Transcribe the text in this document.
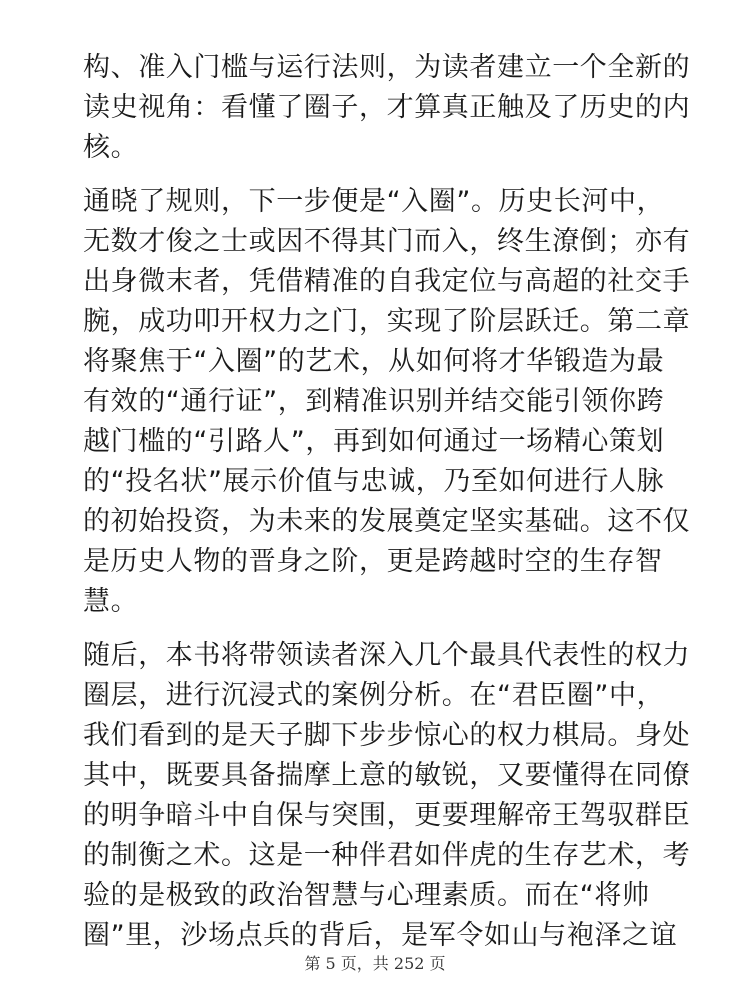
构、准入门槛与运行法则，为读者建立一个全新的
读史视角：看懂了圈子，才算真正触及了历史的内
核。
通晓了规则，下一步便是“入圈”。历史长河中，
无数才俊之士或因不得其门而入，终生潦倒；亦有
出身微末者，凭借精准的自我定位与高超的社交手
腕，成功叩开权力之门，实现了阶层跃迁。第二章
将聚焦于“入圈”的艺术，从如何将才华锻造为最
有效的“通行证”，到精准识别并结交能引领你跨
越门槛的“引路人”，再到如何通过一场精心策划
的“投名状”展示价值与忠诚，乃至如何进行人脉
的初始投资，为未来的发展奠定坚实基础。这不仅
是历史人物的晋身之阶，更是跨越时空的生存智
慧。
随后，本书将带领读者深入几个最具代表性的权力
圈层，进行沉浸式的案例分析。在“君臣圈”中，
我们看到的是天子脚下步步惊心的权力棋局。身处
其中，既要具备揣摩上意的敏锐，又要懂得在同僚
的明争暗斗中自保与突围，更要理解帝王驾驭群臣
的制衡之术。这是一种伴君如伴虎的生存艺术，考
验的是极致的政治智慧与心理素质。而在“将帅
圈”里，沙场点兵的背后，是军令如山与袍泽之谊
第 5 页，共 252 页
